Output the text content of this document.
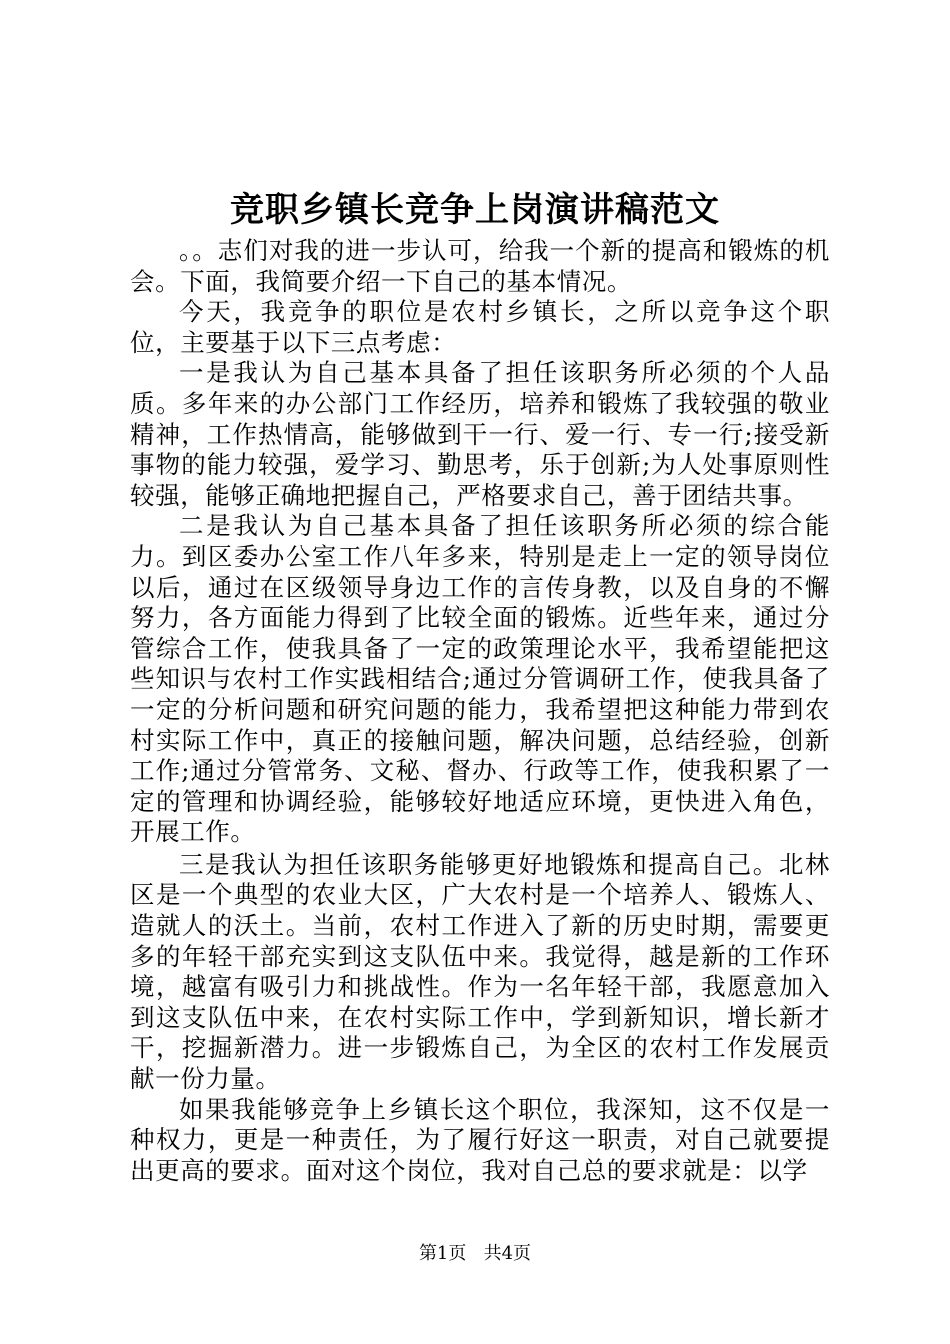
竞职乡镇长竞争上岗演讲稿范文

。。志们对我的进一步认可，给我一个新的提高和锻炼的机会。下面，我简要介绍一下自己的基本情况。

今天，我竞争的职位是农村乡镇长，之所以竞争这个职位，主要基于以下三点考虑：

一是我认为自己基本具备了担任该职务所必须的个人品质。多年来的办公部门工作经历，培养和锻炼了我较强的敬业精神，工作热情高，能够做到干一行、爱一行、专一行;接受新事物的能力较强，爱学习、勤思考，乐于创新;为人处事原则性较强，能够正确地把握自己，严格要求自己，善于团结共事。

二是我认为自己基本具备了担任该职务所必须的综合能力。到区委办公室工作八年多来，特别是走上一定的领导岗位以后，通过在区级领导身边工作的言传身教，以及自身的不懈努力，各方面能力得到了比较全面的锻炼。近些年来，通过分管综合工作，使我具备了一定的政策理论水平，我希望能把这些知识与农村工作实践相结合;通过分管调研工作，使我具备了一定的分析问题和研究问题的能力，我希望把这种能力带到农村实际工作中，真正的接触问题，解决问题，总结经验，创新工作;通过分管常务、文秘、督办、行政等工作，使我积累了一定的管理和协调经验，能够较好地适应环境，更快进入角色，开展工作。

三是我认为担任该职务能够更好地锻炼和提高自己。北林区是一个典型的农业大区，广大农村是一个培养人、锻炼人、造就人的沃土。当前，农村工作进入了新的历史时期，需要更多的年轻干部充实到这支队伍中来。我觉得，越是新的工作环境，越富有吸引力和挑战性。作为一名年轻干部，我愿意加入到这支队伍中来，在农村实际工作中，学到新知识，增长新才干，挖掘新潜力。进一步锻炼自己，为全区的农村工作发展贡献一份力量。

如果我能够竞争上乡镇长这个职位，我深知，这不仅是一种权力，更是一种责任，为了履行好这一职责，对自己就要提出更高的要求。面对这个岗位，我对自己总的要求就是：以学

第1页 共4页
